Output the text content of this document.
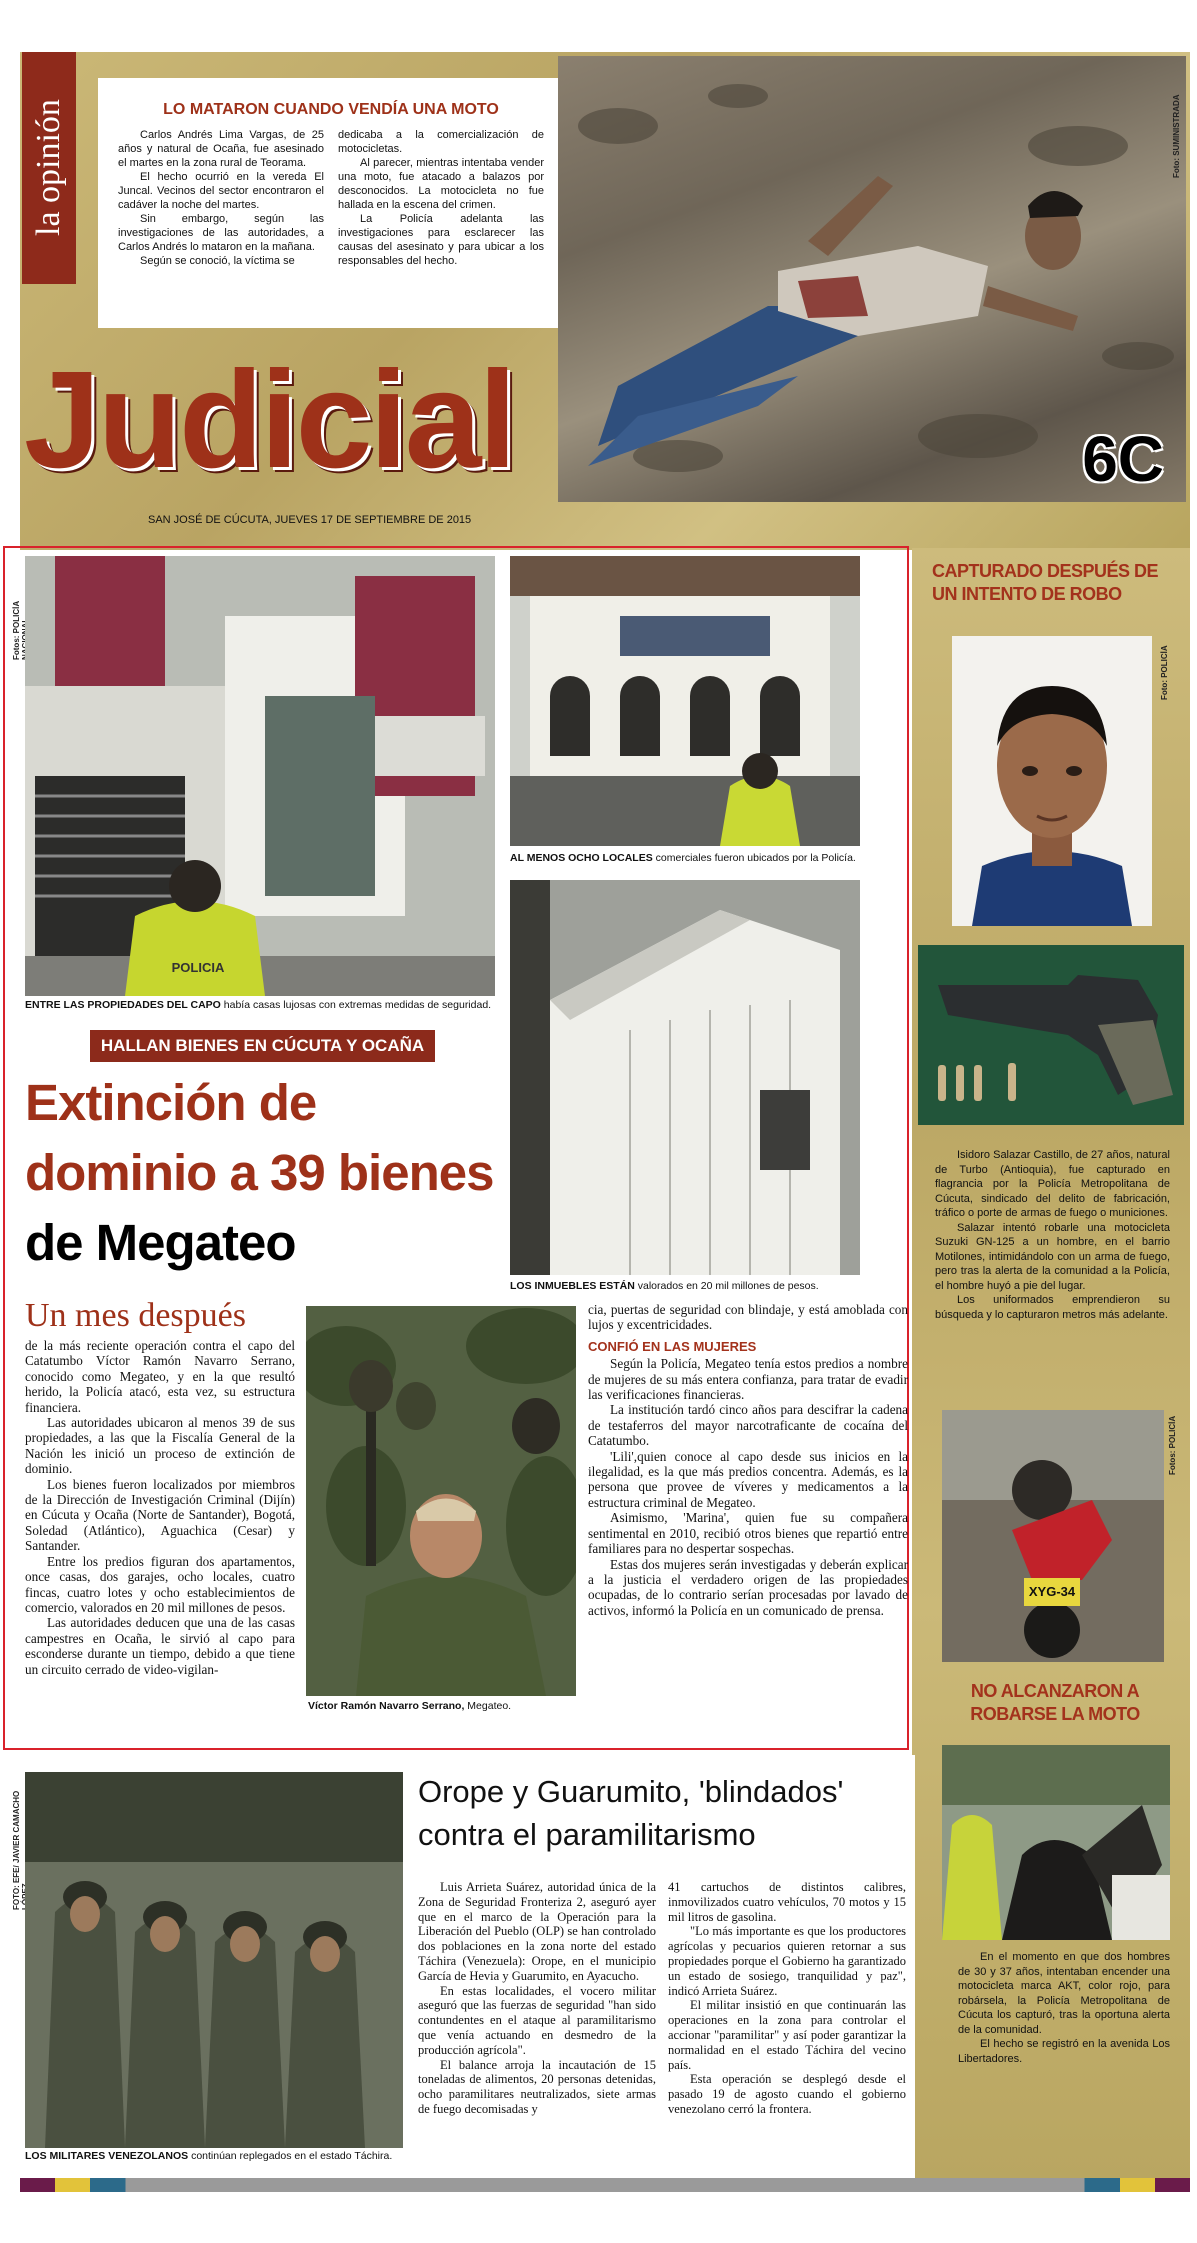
la opinión
Judicial
SAN JOSÉ DE CÚCUTA, JUEVES 17 DE SEPTIEMBRE DE 2015
LO MATARON CUANDO VENDÍA UNA MOTO

Carlos Andrés Lima Vargas, de 25 años y natural de Ocaña, fue asesinado el martes en la zona rural de Teorama.

El hecho ocurrió en la vereda El Juncal. Vecinos del sector encontraron el cadáver la noche del martes.

Sin embargo, según las investigaciones de las autoridades, a Carlos Andrés lo mataron en la mañana.

Según se conoció, la víctima se

dedicaba a la comercialización de motocicletas.

Al parecer, mientras intentaba vender una moto, fue atacado a balazos por desconocidos. La motocicleta no fue hallada en la escena del crimen.

La Policía adelanta las investigaciones para esclarecer las causas del asesinato y para ubicar a los responsables del hecho.

6C
Foto: SUMINISTRADA
Fotos: POLICÍA
POLICIA
ENTRE LAS PROPIEDADES DEL CAPO había casas lujosas con extremas medidas de seguridad.
AL MENOS OCHO LOCALES comerciales fueron ubicados por la Policía.
LOS INMUEBLES ESTÁN valorados en 20 mil millones de pesos.
HALLAN BIENES EN CÚCUTA Y OCAÑA
Extinción de dominio a 39 bienes de Megateo
Un mes después

de la más reciente operación contra el capo del Catatumbo Víctor Ramón Navarro Serrano, conocido como Megateo, y en la que resultó herido, la Policía atacó, esta vez, su estructura financiera.

Las autoridades ubicaron al menos 39 de sus propiedades, a las que la Fiscalía General de la Nación les inició un proceso de extinción de dominio.

Los bienes fueron localizados por miembros de la Dirección de Investigación Criminal (Dijín) en Cúcuta y Ocaña (Norte de Santander), Bogotá, Soledad (Atlántico), Aguachica (Cesar) y Santander.

Entre los predios figuran dos apartamentos, once casas, dos garajes, ocho locales, cuatro fincas, cuatro lotes y ocho establecimientos de comercio, valorados en 20 mil millones de pesos.

Las autoridades deducen que una de las casas campestres en Ocaña, le sirvió al capo para esconderse durante un tiempo, debido a que tiene un circuito cerrado de video-vigilan-

Víctor Ramón Navarro Serrano, Megateo.

cia, puertas de seguridad con blindaje, y está amoblada con lujos y excentricidades.

CONFIÓ EN LAS MUJERES

Según la Policía, Megateo tenía estos predios a nombre de mujeres de su más entera confianza, para tratar de evadir las verificaciones financieras.

La institución tardó cinco años para descifrar la cadena de testaferros del mayor narcotraficante de cocaína del Catatumbo.

'Lili',quien conoce al capo desde sus inicios en la ilegalidad, es la que más predios concentra. Además, es la persona que provee de víveres y medicamentos a la estructura criminal de Megateo.

Asimismo, 'Marina', quien fue su compañera sentimental en 2010, recibió otros bienes que repartió entre familiares para no despertar sospechas.

Estas dos mujeres serán investigadas y deberán explicar a la justicia el verdadero origen de las propiedades ocupadas, de lo contrario serían procesadas por lavado de activos, informó la Policía en un comunicado de prensa.

CAPTURADO DESPUÉS DE UN INTENTO DE ROBO
Foto: POLICÍA

Isidoro Salazar Castillo, de 27 años, natural de Turbo (Antioquia), fue capturado en flagrancia por la Policía Metropolitana de Cúcuta, sindicado del delito de fabricación, tráfico o porte de armas de fuego o municiones.

Salazar intentó robarle una motocicleta Suzuki GN-125 a un hombre, en el barrio Motilones, intimidándolo con un arma de fuego, pero tras la alerta de la comunidad a la Policía, el hombre huyó a pie del lugar.

Los uniformados emprendieron su búsqueda y lo capturaron metros más adelante.

XYG-34
Fotos: POLICÍA
NO ALCANZARON A ROBARSE LA MOTO

En el momento en que dos hombres de 30 y 37 años, intentaban encender una motocicleta marca AKT, color rojo, para robársela, la Policía Metropolitana de Cúcuta los capturó, tras la oportuna alerta de la comunidad.

El hecho se registró en la avenida Los Libertadores.

FOTO: EFE/ JAVIER CAMACHO
LOS MILITARES VENEZOLANOS continúan replegados en el estado Táchira.
Orope y Guarumito, 'blindados' contra el paramilitarismo

Luis Arrieta Suárez, autoridad única de la Zona de Seguridad Fronteriza 2, aseguró ayer que en el marco de la Operación para la Liberación del Pueblo (OLP) se han controlado dos poblaciones en la zona norte del estado Táchira (Venezuela): Orope, en el municipio García de Hevia y Guarumito, en Ayacucho.

En estas localidades, el vocero militar aseguró que las fuerzas de seguridad "han sido contundentes en el ataque al paramilitarismo que venía actuando en desmedro de la producción agrícola".

El balance arroja la incautación de 15 toneladas de alimentos, 20 personas detenidas, ocho paramilitares neutralizados, siete armas de fuego decomisadas y

41 cartuchos de distintos calibres, inmovilizados cuatro vehículos, 70 motos y 15 mil litros de gasolina.

"Lo más importante es que los productores agrícolas y pecuarios quieren retornar a sus propiedades porque el Gobierno ha garantizado un estado de sosiego, tranquilidad y paz", indicó Arrieta Suárez.

El militar insistió en que continuarán las operaciones en la zona para controlar el accionar "paramilitar" y así poder garantizar la normalidad en el estado Táchira del vecino país.

Esta operación se desplegó desde el pasado 19 de agosto cuando el gobierno venezolano cerró la frontera.
